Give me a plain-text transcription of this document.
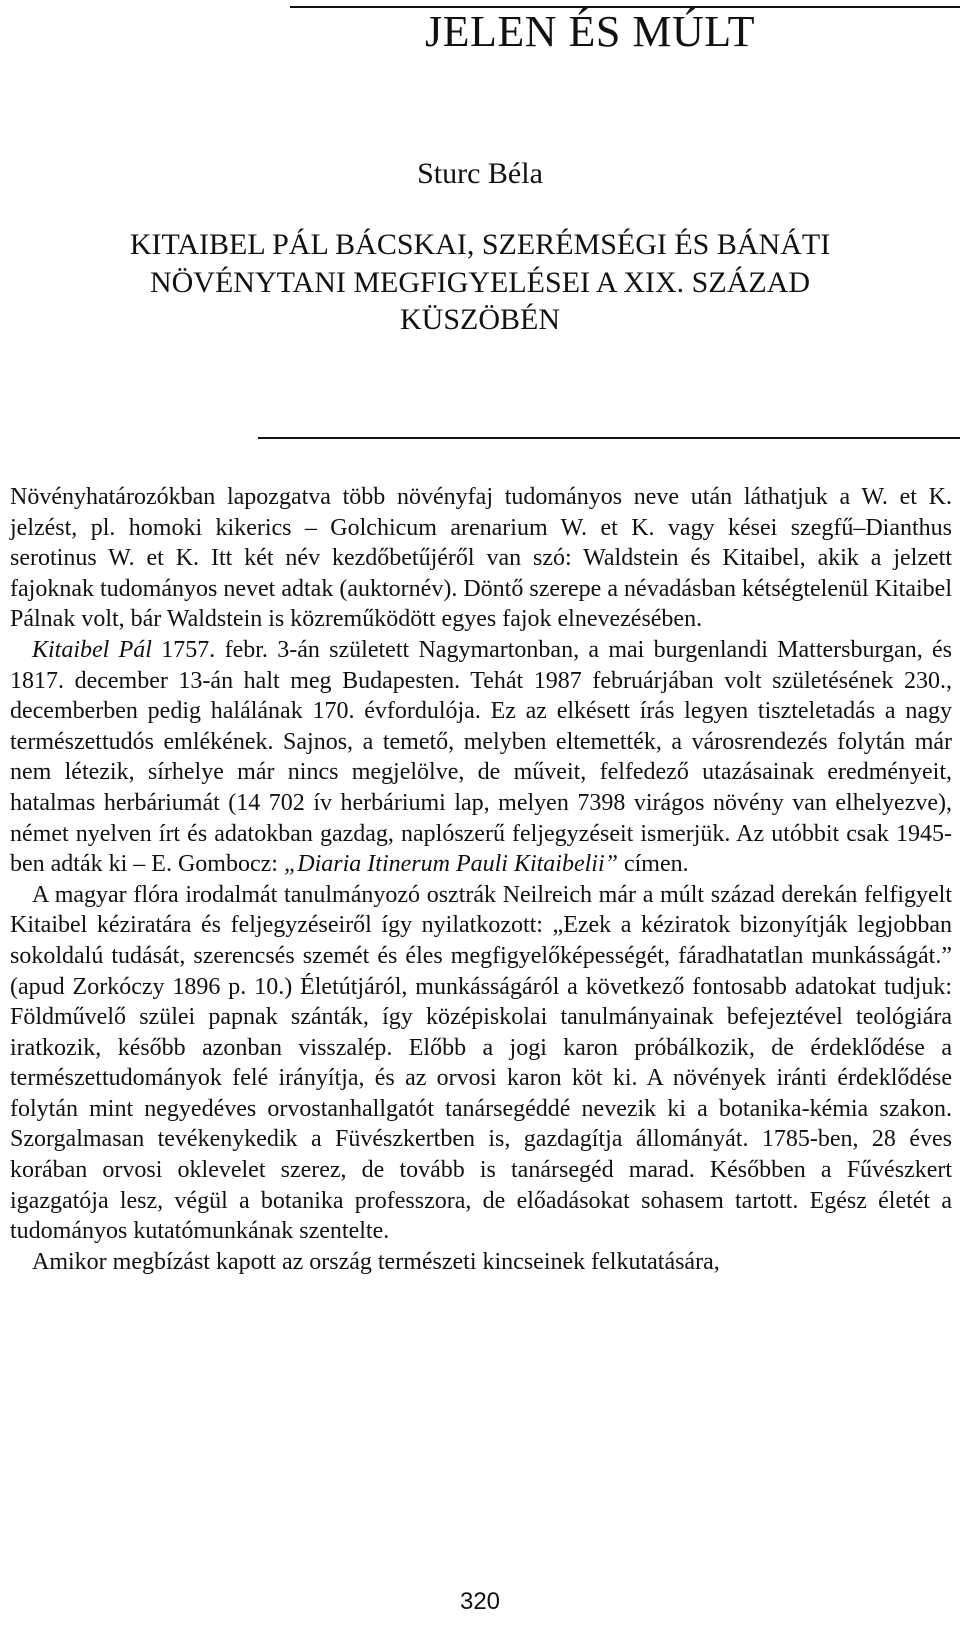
JELEN ÉS MÚLT
Sturc Béla
KITAIBEL PÁL BÁCSKAI, SZERÉMSÉGI ÉS BÁNÁTI
NÖVÉNYTANI MEGFIGYELÉSEI A XIX. SZÁZAD
KÜSZÖBÉN

Növényhatározókban lapozgatva több növényfaj tudományos neve után láthatjuk a W. et K. jelzést, pl. homoki kikerics – Golchicum arenarium W. et K. vagy kései szegfű–Dianthus serotinus W. et K. Itt két név kezdőbetűjéről van szó: Waldstein és Kitaibel, akik a jelzett fajoknak tudományos nevet adtak (auktornév). Döntő szerepe a névadásban kétségtelenül Kitaibel Pálnak volt, bár Waldstein is közreműködött egyes fajok elnevezésében.

Kitaibel Pál 1757. febr. 3-án született Nagymartonban, a mai burgenlandi Mattersburgan, és 1817. december 13-án halt meg Budapesten. Tehát 1987 februárjában volt születésének 230., decemberben pedig halálának 170. évfordulója. Ez az elkésett írás legyen tiszteletadás a nagy természettudós emlékének. Sajnos, a temető, melyben eltemették, a városrendezés folytán már nem létezik, sírhelye már nincs megjelölve, de műveit, felfedező utazásainak eredményeit, hatalmas herbáriumát (14 702 ív herbáriumi lap, melyen 7398 virágos növény van elhelyezve), német nyelven írt és adatokban gazdag, naplószerű feljegyzéseit ismerjük. Az utóbbit csak 1945-ben adták ki – E. Gombocz: „Diaria Itinerum Pauli Kitaibelii” címen.

A magyar flóra irodalmát tanulmányozó osztrák Neilreich már a múlt század derekán felfigyelt Kitaibel kéziratára és feljegyzéseiről így nyilatkozott: „Ezek a kéziratok bizonyítják legjobban sokoldalú tudását, szerencsés szemét és éles megfigyelőképességét, fáradhatatlan munkásságát.” (apud Zorkóczy 1896 p. 10.) Életútjáról, munkásságáról a következő fontosabb adatokat tudjuk: Földművelő szülei papnak szánták, így középiskolai tanulmányainak befejeztével teológiára iratkozik, később azonban visszalép. Előbb a jogi karon próbálkozik, de érdeklődése a természettudományok felé irányítja, és az orvosi karon köt ki. A növények iránti érdeklődése folytán mint negyedéves orvostanhallgatót tanársegéddé nevezik ki a botanika-kémia szakon. Szorgalmasan tevékenykedik a Füvészkertben is, gazdagítja állományát. 1785-ben, 28 éves korában orvosi oklevelet szerez, de tovább is tanársegéd marad. Későbben a Fűvészkert igazgatója lesz, végül a botanika professzora, de előadásokat sohasem tartott. Egész életét a tudományos kutatómunkának szentelte.

Amikor megbízást kapott az ország természeti kincseinek felkutatására,

320
